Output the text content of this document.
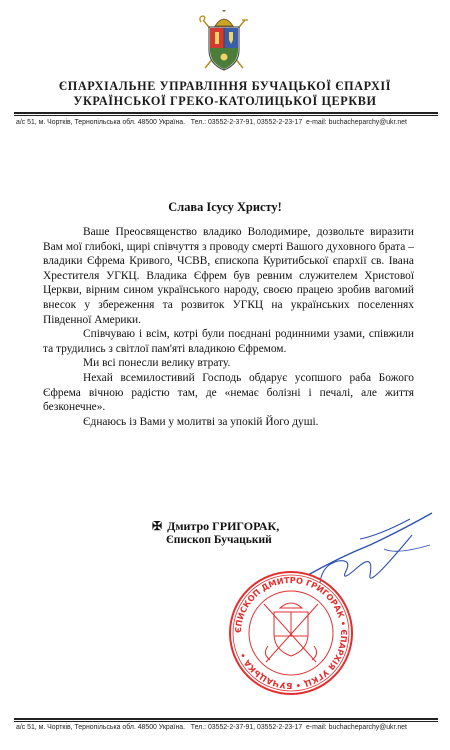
ЄПАРХІАЛЬНЕ УПРАВЛІННЯ БУЧАЦЬКОЇ ЄПАРХІЇ
УКРАЇНСЬКОЇ ГРЕКО-КАТОЛИЦЬКОЇ ЦЕРКВИ
а/с 51, м. Чортків, Тернопільська обл. 48500 Україна. Тел.: 03552-2-37-91, 03552-2-23-17 e-mail: buchacheparchy@ukr.net
Слава Ісусу Христу!

Ваше Преосвященство владико Володимире, дозвольте виразити Вам мої глибокі, щирі співчуття з проводу смерті Вашого духовного брата – владики Єфрема Кривого, ЧСВВ, єпископа Куритибської єпархії св. Івана Хрестителя УГКЦ. Владика Єфрем був ревним служителем Христової Церкви, вірним сином українського народу, своєю працею зробив вагомий внесок у збереження та розвиток УГКЦ на українських поселеннях Південної Америки.

Співчуваю і всім, котрі були поєднані родинними узами, співжили та трудились з світлої пам'яті владикою Єфремом.

Ми всі понесли велику втрату.

Нехай всемилостивий Господь обдарує усопшого раба Божого Єфрема вічною радістю там, де «немає болізні і печалі, але життя безконечне».

Єднаюсь із Вами у молитві за упокій Його душі.

✠ Дмитро ГРИГОРАК,
Єпископ Бучацький
ЄПИСКОП ДМИТРО ГРИГОРАК • ЄПАРХІЯ УГКЦ • БУЧАЦЬКА •
а/с 51, м. Чортків, Тернопільська обл. 48500 Україна. Тел.: 03552-2-37-91, 03552-2-23-17 e-mail: buchacheparchy@ukr.net
